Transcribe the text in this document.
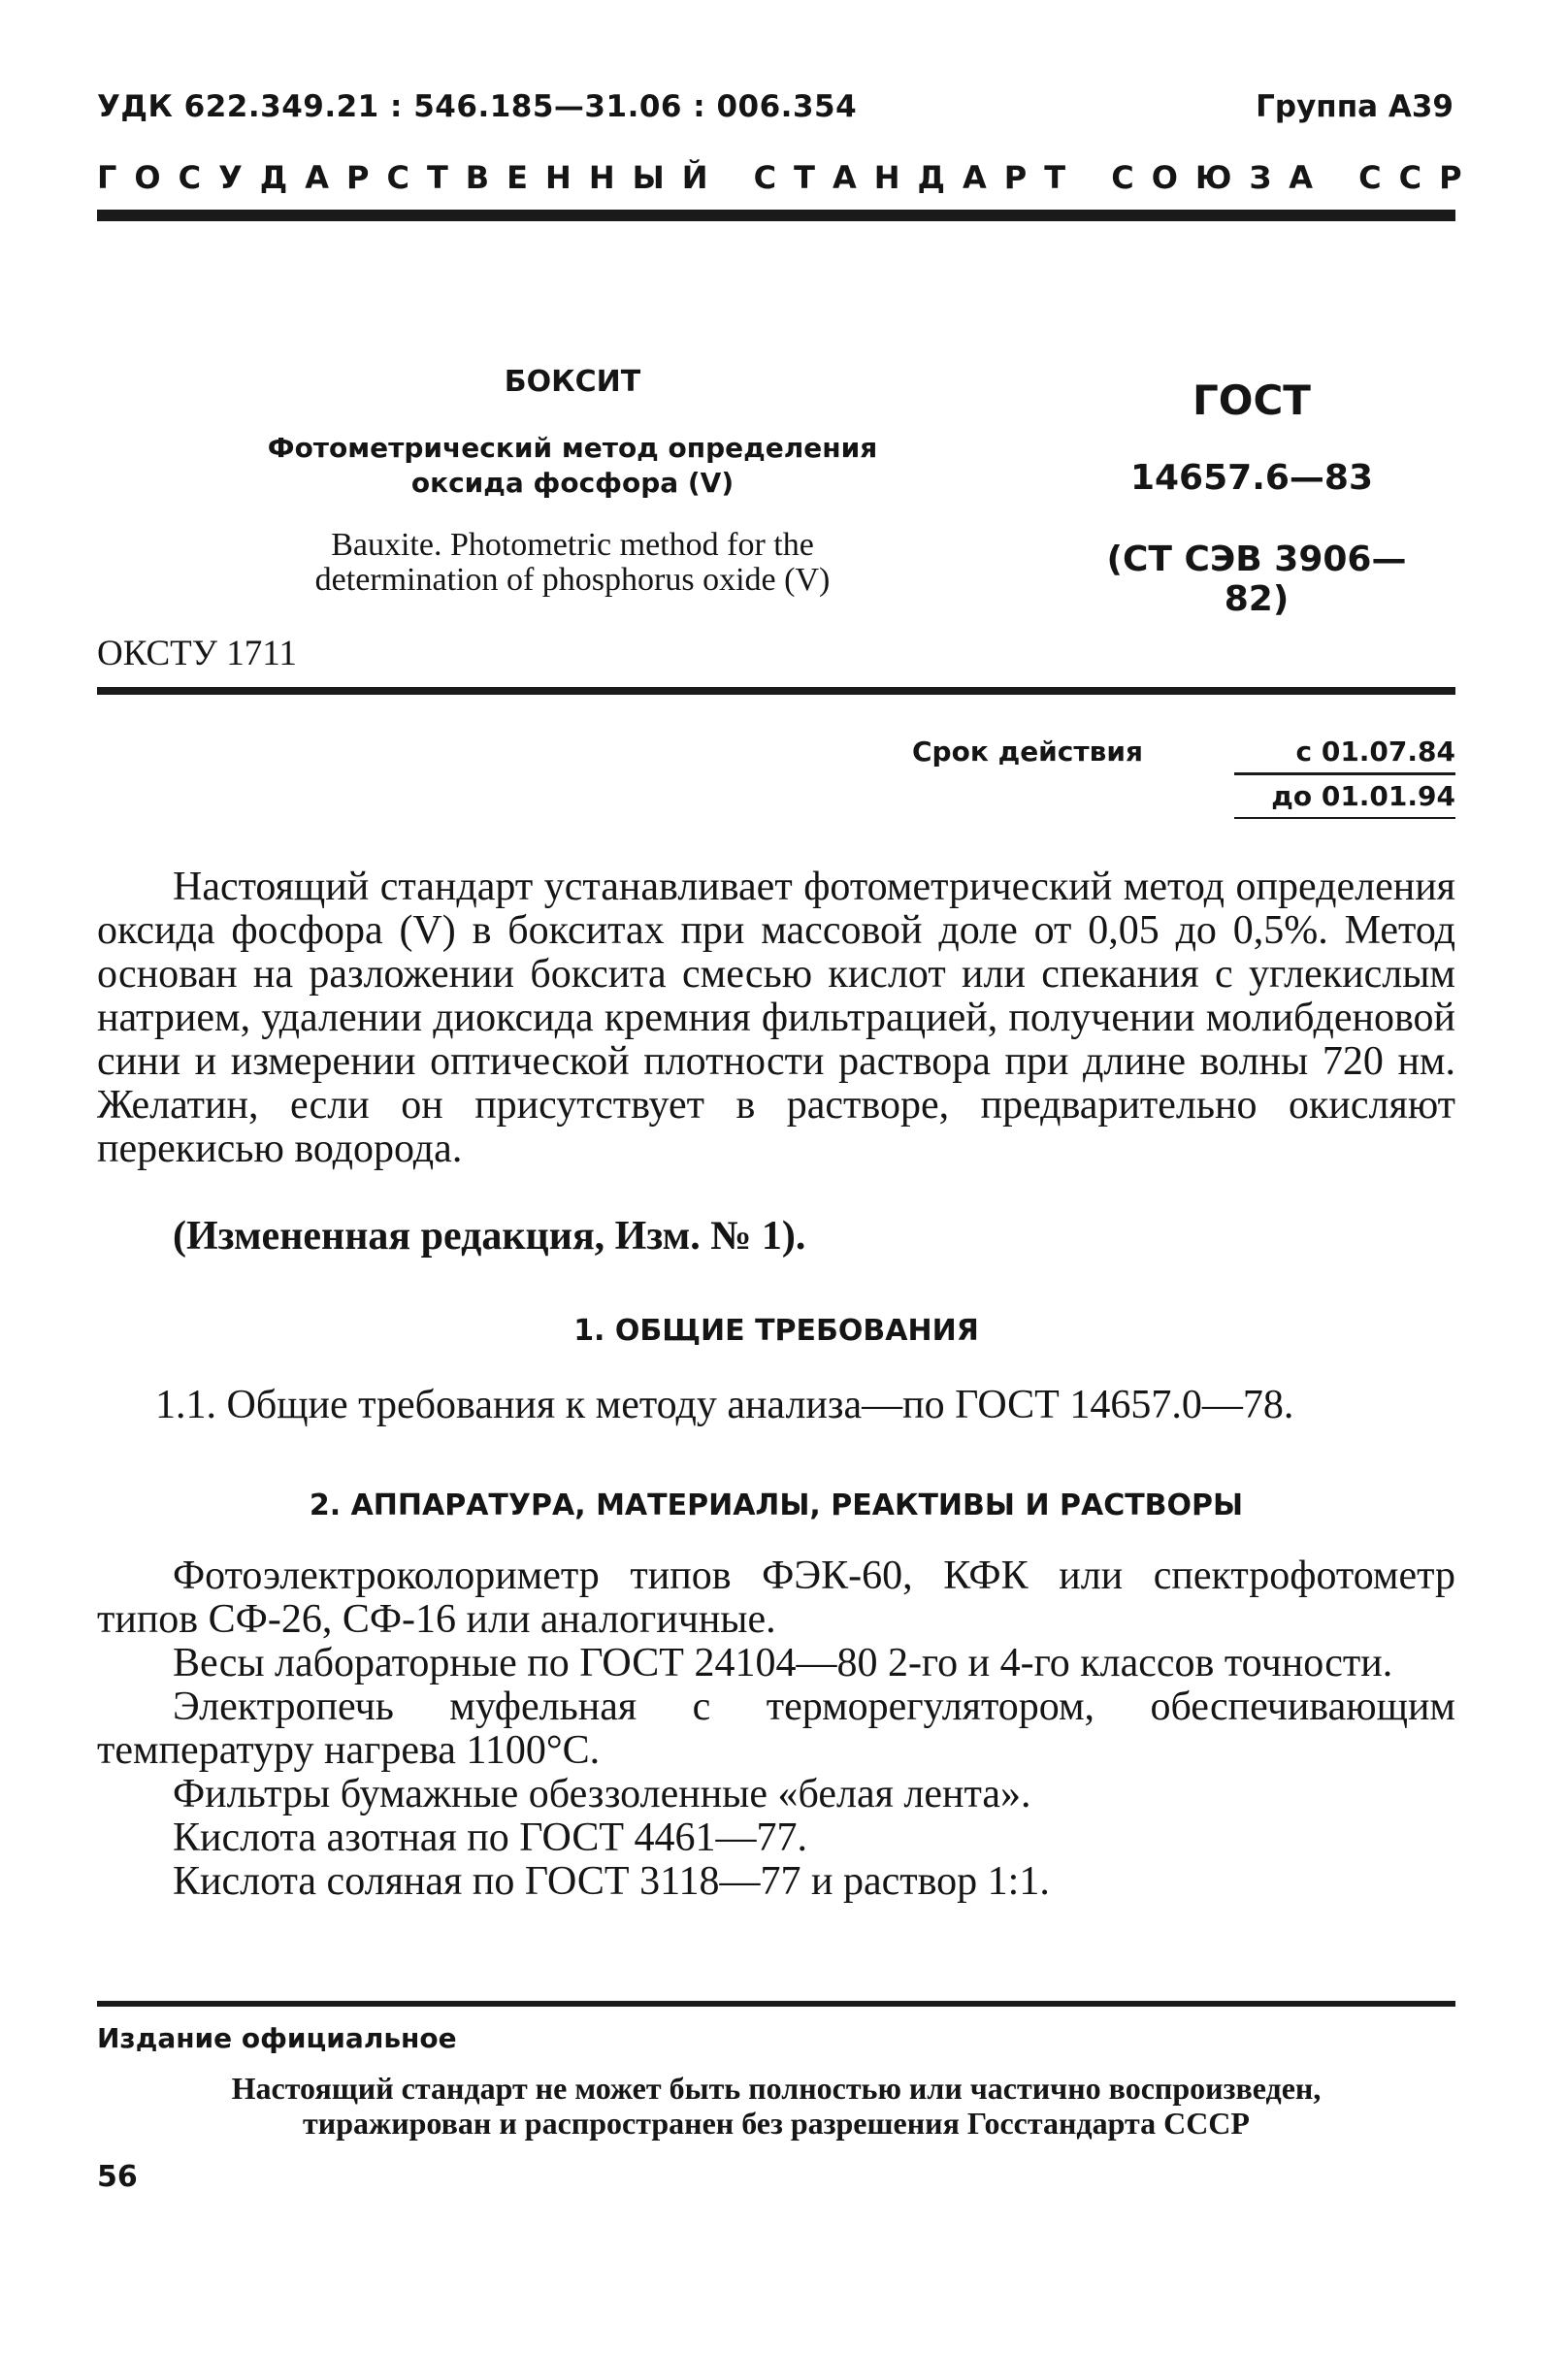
УДК 622.349.21 : 546.185—31.06 : 006.354	Группа А39
ГОСУДАРСТВЕННЫЙ СТАНДАРТ СОЮЗА ССР
БОКСИТ
Фотометрический метод определения
оксида фосфора (V)
Bauxite. Photometric method for the
determination of phosphorus oxide (V)
ГОСТ
14657.6—83
(СТ СЭВ 3906—82)
ОКСТУ 1711
Срок действия	с 01.07.84
до 01.01.94

Настоящий стандарт устанавливает фотометрический метод определения оксида фосфора (V) в бокситах при массовой доле от 0,05 до 0,5%. Метод основан на разложении боксита смесью кислот или спекания с углекислым натрием, удалении диоксида кремния фильтрацией, получении молибденовой сини и измерении оптической плотности раствора при длине волны 720 нм. Желатин, если он присутствует в растворе, предварительно окисляют перекисью водорода.

(Измененная редакция, Изм. № 1).
1. ОБЩИЕ ТРЕБОВАНИЯ
1.1. Общие требования к методу анализа—по ГОСТ 14657.0—78.
2. АППАРАТУРА, МАТЕРИАЛЫ, РЕАКТИВЫ И РАСТВОРЫ

Фотоэлектроколориметр типов ФЭК-60, КФК или спектрофотометр типов СФ-26, СФ-16 или аналогичные.

Весы лабораторные по ГОСТ 24104—80 2-го и 4-го классов точности.

Электропечь муфельная с терморегулятором, обеспечивающим температуру нагрева 1100°С.

Фильтры бумажные обеззоленные «белая лента».

Кислота азотная по ГОСТ 4461—77.

Кислота соляная по ГОСТ 3118—77 и раствор 1:1.

Издание официальное
Настоящий стандарт не может быть полностью или частично воспроизведен,
тиражирован и распространен без разрешения Госстандарта СССР
56
